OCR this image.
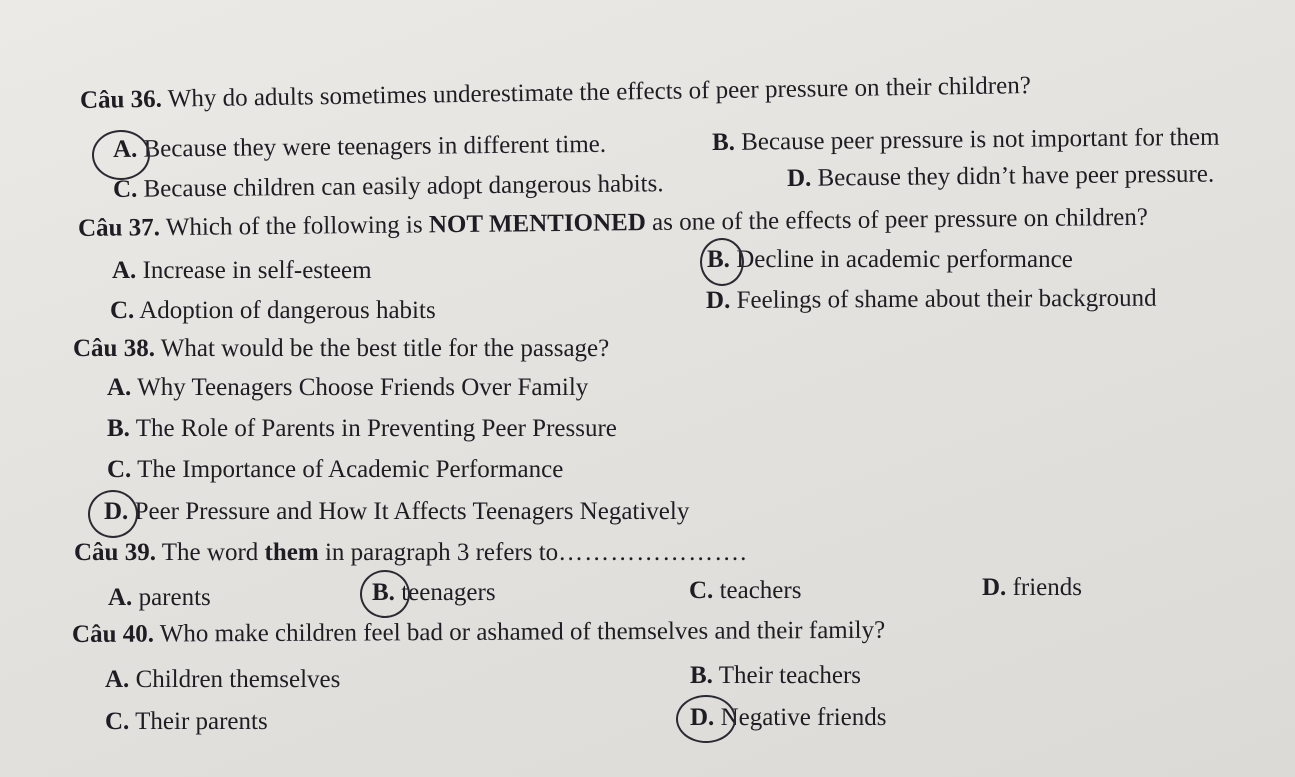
Câu 36. Why do adults sometimes underestimate the effects of peer pressure on their children?
A. Because they were teenagers in different time.	B. Because peer pressure is not important for them
C. Because children can easily adopt dangerous habits.	D. Because they didn’t have peer pressure.
Câu 37. Which of the following is NOT MENTIONED as one of the effects of peer pressure on children?
A. Increase in self-esteem	B. Decline in academic performance
C. Adoption of dangerous habits	D. Feelings of shame about their background
Câu 38. What would be the best title for the passage?
A. Why Teenagers Choose Friends Over Family
B. The Role of Parents in Preventing Peer Pressure
C. The Importance of Academic Performance
D. Peer Pressure and How It Affects Teenagers Negatively
Câu 39. The word them in paragraph 3 refers to………………….
A. parents	B. teenagers	C. teachers	D. friends
Câu 40. Who make children feel bad or ashamed of themselves and their family?
A. Children themselves	B. Their teachers
C. Their parents	D. Negative friends
